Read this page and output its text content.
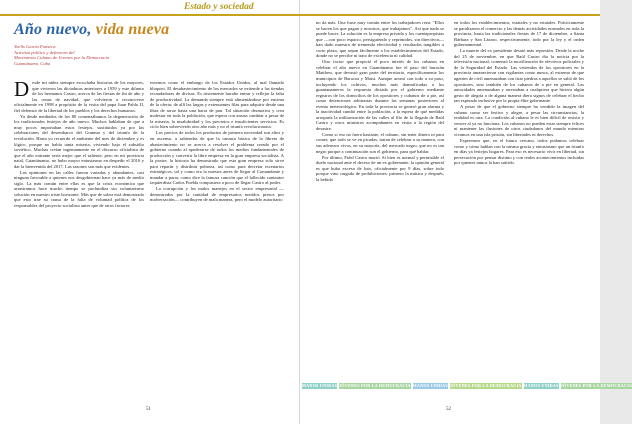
Año nuevo, vida nueva
Yoelis García Fonseca
Activista político y defensora del
Movimiento Cubano de Jóvenes por la Democracia
Guantánamo, Cuba

Desde mi niñez siempre escuchaba historias de los mayores, que vivieron las dictaduras anteriores a 1959 y este difunto de los hermanos Castro, acerca de las fiestas de fin de año y las cenas de navidad, que volvieron a reconocerse oficialmente en 1998 a propósito de la visita del papa Juan Pablo II, fiel defensor de la libertad de los pueblos y los derechos humanos.

Ya desde mediados de los 80 comenzábamos la degeneración de los tradicionales festejos de año nuevo. Muchos hablaban de que a muy pocos importaban estos festejos, sustituidos ya por las celebraciones del desembarco del Granma y del triunfo de la revolución. Hasta yo recuerdo el ambiente del mes de diciembre y es lógico, porque no había tanta miseria, viviendo bajo el subsidio soviético. Muchas creían ingenuamente en el discurso oficialista de que el año entrante sería mejor que el saliente, pero en mi provincia natal, Guantánamo, no hubo mayor entusiasmo en despedir el 2016 y dar la bienvenida del 2017. Las razones son más que evidentes.

Las opiniones en las calles fueron variadas y abundantes, casi ninguna favorable a quienes nos desgobiernan hace ya más de medio siglo. La más común entre ellas es que la crisis económica que arrastramos hace mucho tiempo se profundiza sin voluntarismo solución en nuestro triste horizonte. Más que de sobra está demostrado que esto trae su causa de la falta de voluntad política de los responsables del proyecto socialista antes que de otros factores

externos como el embargo de los Estados Unidos, al mal llamado bloqueo. El desabastecimiento de los mercados se extiende a las tiendas recaudadoras de divisas. Es tristemente huraño entrar y reflejar la falta de productividad. La demanda siempre está alimentándose por encima de la oferta; de allí las largas y extenuantes filas para adquirir desde una libra de arroz hasta una barra de pan. Tal situación desmotiva y crea malestar en toda la población, que espera con ansias cambiar a pesar de la miseria, la insalubridad y los precarios e insuficientes servicios. Es ciclo bien sobrevivido otro año más y no el triunfo revolucionario.

Los precios de todos los productos de primera necesidad son altos y en ascenso, a sabiendas de que la canasta básica de la libreta de abastecimiento no se acerca a resolver el problema creado por el gobierno cuando al apoderarse de todos los medios fundamentales de producción y convertir la libre empresa en la gran empresa socialista. A la postre, la historia ha demostrado que esta gran empresa solo sirve para repartir y distribuir pobreza, así como para decretar escenarios estratégicos, tal y como era la nuestra antes de llegar al Comandante y mandar a parar, como dice la famosa canción que el fallecido cantautor izquierdista Carlos Puebla compusiera a poco de llegar Castro al poder.

La corrupción y los malos manejos en el sector empresarial —demostrados por la cantidad de empresarios metidos presos por malversación— contribuyen de mala manera, pero el modelo autoritario

51

no da más. Una frase muy común entre los trabajadores reza: "Ellos se hacen los que pagan y nosotros, que trabajamos". Así que nada se puede hacer. La solución es la empresa privada y los cuentapropistas que —con poco espacio, persiguiendo y reprimidos, sin directivos— han dado muestra de tremenda efectividad y resultados tangibles a corto plazo, que sepan fácilmente a los establecimientos del Estado, donde no se percibe ni trato de excelencia ni calidad.

Otro factor que propició el poco interés de los cubanos en celebrar el año nuevo en Guantánamo fue el paso del huracán Matthew, que devastó gran parte del territorio, específicamente los municipios de Baracoa y Maisí. Aunque arrasó con todo a su paso, incluyendo los cultivos, muchas más damnificadas a los guantanameros la respuesta dictada por el gobierno mediante registros de los domicilios de los opositores y cubanos de a pie, así como detenciones arbitrarias durante las semanas posteriores al evento meteorológico. En toda la provincia se generó gran alarma y la inactividad cundió entre la población, a la espera de qué medidas arroparía la militarización de las calles al filo de la llegada de Raúl Castro y otros ministros acompañantes en visita a la región del desastre.

Como si eso no fuera bastante, el cubano, sin tener dinero ni para comer, que todo se ve en picadas, tratan de celebrar a su manera, con sus aderezos vivos, en su mayoría, del mercado negro, que no es tan negro porque a continuación son el gobierno, para qué hablar.

Por último, Fidel Castro murió. Si bien es normal y permisible el duelo nacional ante el deceso de un ex gobernante, la opinión general es que hubo exceso de luto, oficialmente por 9 días, sobre todo porque vino cargado de prohibiciones: primero la música y después, la bebida

en todos los establecimientos, estatales y no estatales. Prácticamente se paralizaron el comercio y las demás actividades normales en toda la provincia, hasta las tradicionales fiestas de 17 de diciembre, a Santa Bárbara y San Lázaro, respectivamente, todo por la ley y el orden gubernamental.

La muerte del ex presidente desató más represión. Desde la noche del 25 de noviembre, en que Raúl Castro dio la noticia por la televisión nacional, comenzó la movilización de efectivos policiales y de la Seguridad del Estado. Las viviendas de los opositores en la provincia amanecieron con vigilantes como nunca, al extremo de que agentes de civil amenazaban con tirar piedras a aquellos se salió de los opositores, sino también de los cubanos de a pie en general. Las autoridades amenazaban y arrestaban a cualquiera que hiciera algún gesto de alegría o de alguna manera diera signos de celebrar el hecho tan esperado inclusive por la propia élite gobernante.

A pesar de que el gobierno siempre ha vendido la imagen del cubano como ser festivo y alegre, a pesar las circunstancias, la realidad es otra. La condición al cubano le es bien difícil de resistir y vencer al ya no funciona. Los cubanos no pueden estar siempre felices ni mantener las ilusiones de otros ciudadanos del mundo mientras vivamos en una isla prisión, sin libertades ni derechos.

Esperemos que, en el futuro cercano, todos podamos celebrar como y cómo hablan con la misma gracia y entusiasmo que un triunfo en días ya festejos hogares. Para eso es necesario vivir en libertad, sin persecución por pensar distinto y con reales acontecimientos incluidas por quienes nunca la han sufrido.

52
Estado y sociedad
MANOS UNIDAS JÓVENES POR LA DEMOCRACIA MANOS UNIDAS JÓVENES POR LA DEMOCRACIA MANOS UNIDAS JÓVENES POR LA DEMOCRACIA
